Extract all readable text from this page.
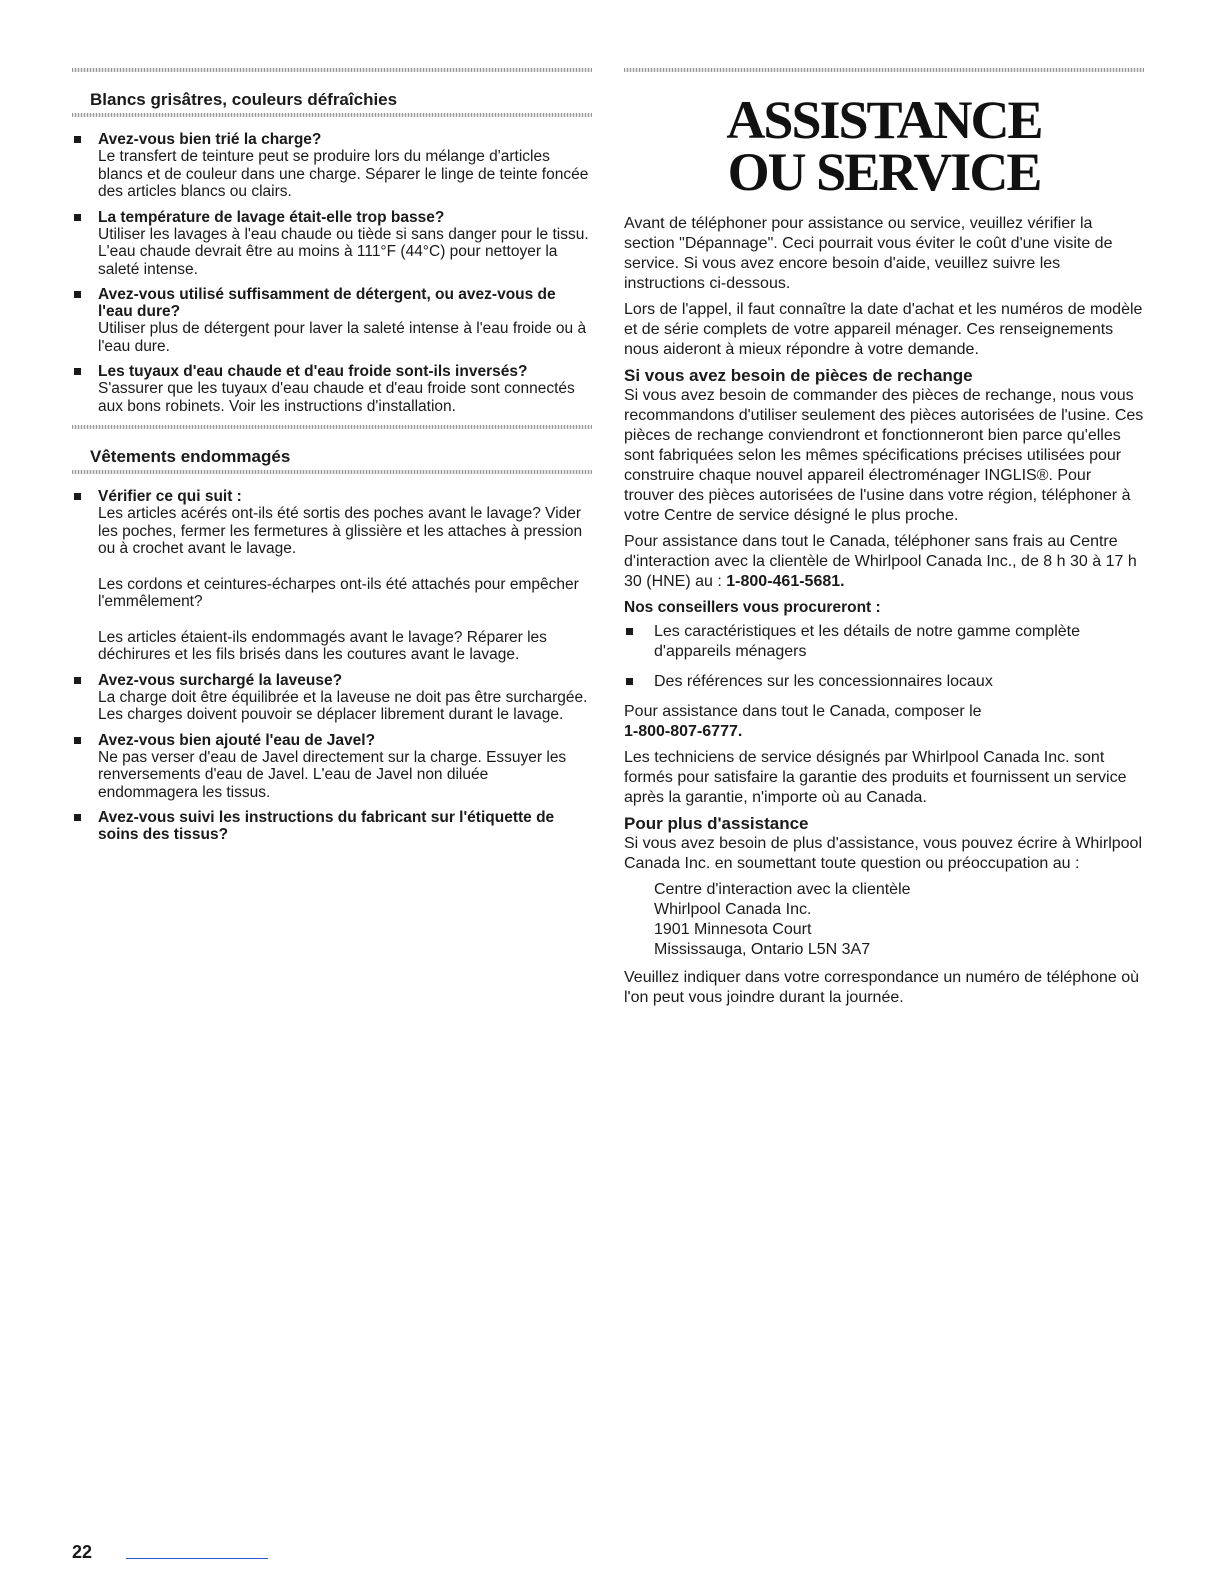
Blancs grisâtres, couleurs défraîchies
Avez-vous bien trié la charge?
Le transfert de teinture peut se produire lors du mélange d'articles blancs et de couleur dans une charge. Séparer le linge de teinte foncée des articles blancs ou clairs.
La température de lavage était-elle trop basse?
Utiliser les lavages à l'eau chaude ou tiède si sans danger pour le tissu. L'eau chaude devrait être au moins à 111°F (44°C) pour nettoyer la saleté intense.
Avez-vous utilisé suffisamment de détergent, ou avez-vous de l'eau dure?
Utiliser plus de détergent pour laver la saleté intense à l'eau froide ou à l'eau dure.
Les tuyaux d'eau chaude et d'eau froide sont-ils inversés?
S'assurer que les tuyaux d'eau chaude et d'eau froide sont connectés aux bons robinets. Voir les instructions d'installation.
Vêtements endommagés
Vérifier ce qui suit :
Les articles acérés ont-ils été sortis des poches avant le lavage? Vider les poches, fermer les fermetures à glissière et les attaches à pression ou à crochet avant le lavage.
Les cordons et ceintures-écharpes ont-ils été attachés pour empêcher l'emmêlement?
Les articles étaient-ils endommagés avant le lavage? Réparer les déchirures et les fils brisés dans les coutures avant le lavage.
Avez-vous surchargé la laveuse?
La charge doit être équilibrée et la laveuse ne doit pas être surchargée. Les charges doivent pouvoir se déplacer librement durant le lavage.
Avez-vous bien ajouté l'eau de Javel?
Ne pas verser d'eau de Javel directement sur la charge. Essuyer les renversements d'eau de Javel. L'eau de Javel non diluée endommagera les tissus.
Avez-vous suivi les instructions du fabricant sur l'étiquette de soins des tissus?
ASSISTANCE
OU SERVICE

Avant de téléphoner pour assistance ou service, veuillez vérifier la section "Dépannage". Ceci pourrait vous éviter le coût d'une visite de service. Si vous avez encore besoin d'aide, veuillez suivre les instructions ci-dessous.

Lors de l'appel, il faut connaître la date d'achat et les numéros de modèle et de série complets de votre appareil ménager. Ces renseignements nous aideront à mieux répondre à votre demande.

Si vous avez besoin de pièces de rechange

Si vous avez besoin de commander des pièces de rechange, nous vous recommandons d'utiliser seulement des pièces autorisées de l'usine. Ces pièces de rechange conviendront et fonctionneront bien parce qu'elles sont fabriquées selon les mêmes spécifications précises utilisées pour construire chaque nouvel appareil électroménager INGLIS®. Pour trouver des pièces autorisées de l'usine dans votre région, téléphoner à votre Centre de service désigné le plus proche.

Pour assistance dans tout le Canada, téléphoner sans frais au Centre d'interaction avec la clientèle de Whirlpool Canada Inc., de 8 h 30 à 17 h 30 (HNE) au : 1-800-461-5681.

Nos conseillers vous procureront :

Les caractéristiques et les détails de notre gamme complète d'appareils ménagers
Des références sur les concessionnaires locaux

Pour assistance dans tout le Canada, composer le
1-800-807-6777.

Les techniciens de service désignés par Whirlpool Canada Inc. sont formés pour satisfaire la garantie des produits et fournissent un service après la garantie, n'importe où au Canada.

Pour plus d'assistance

Si vous avez besoin de plus d'assistance, vous pouvez écrire à Whirlpool Canada Inc. en soumettant toute question ou préoccupation au :

Centre d'interaction avec la clientèle
Whirlpool Canada Inc.
1901 Minnesota Court
Mississauga, Ontario L5N 3A7

Veuillez indiquer dans votre correspondance un numéro de téléphone où l'on peut vous joindre durant la journée.

22
